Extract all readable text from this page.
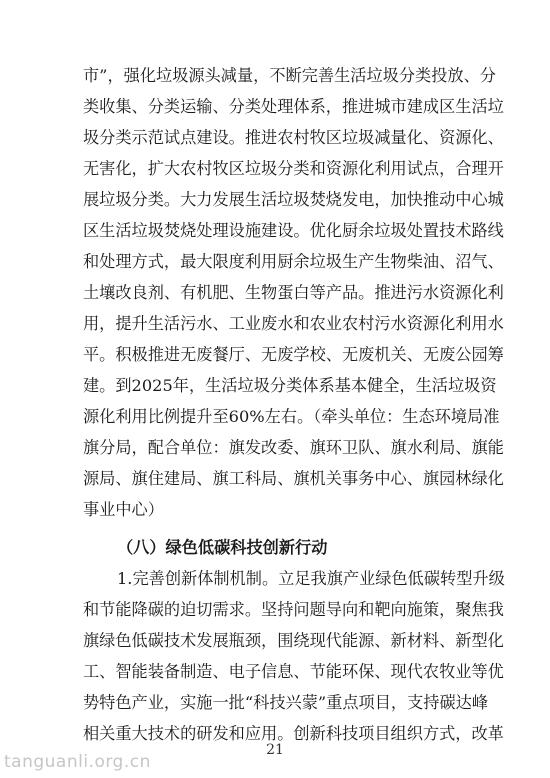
市”，强化垃圾源头减量，不断完善生活垃圾分类投放、分
类收集、分类运输、分类处理体系，推进城市建成区生活垃
圾分类示范试点建设。推进农村牧区垃圾减量化、资源化、
无害化，扩大农村牧区垃圾分类和资源化利用试点，合理开
展垃圾分类。大力发展生活垃圾焚烧发电，加快推动中心城
区生活垃圾焚烧处理设施建设。优化厨余垃圾处置技术路线
和处理方式，最大限度利用厨余垃圾生产生物柴油、沼气、
土壤改良剂、有机肥、生物蛋白等产品。推进污水资源化利
用，提升生活污水、工业废水和农业农村污水资源化利用水
平。积极推进无废餐厅、无废学校、无废机关、无废公园筹
建。到2025年，生活垃圾分类体系基本健全，生活垃圾资
源化利用比例提升至60%左右。（牵头单位：生态环境局准
旗分局，配合单位：旗发改委、旗环卫队、旗水利局、旗能
源局、旗住建局、旗工科局、旗机关事务中心、旗园林绿化
事业中心）
（八）绿色低碳科技创新行动
1.完善创新体制机制。立足我旗产业绿色低碳转型升级
和节能降碳的迫切需求。坚持问题导向和靶向施策，聚焦我
旗绿色低碳技术发展瓶颈，围绕现代能源、新材料、新型化
工、智能装备制造、电子信息、节能环保、现代农牧业等优
势特色产业，实施一批“科技兴蒙”重点项目，支持碳达峰
相关重大技术的研发和应用。创新科技项目组织方式，改革
21
tanguanli.org.cn
